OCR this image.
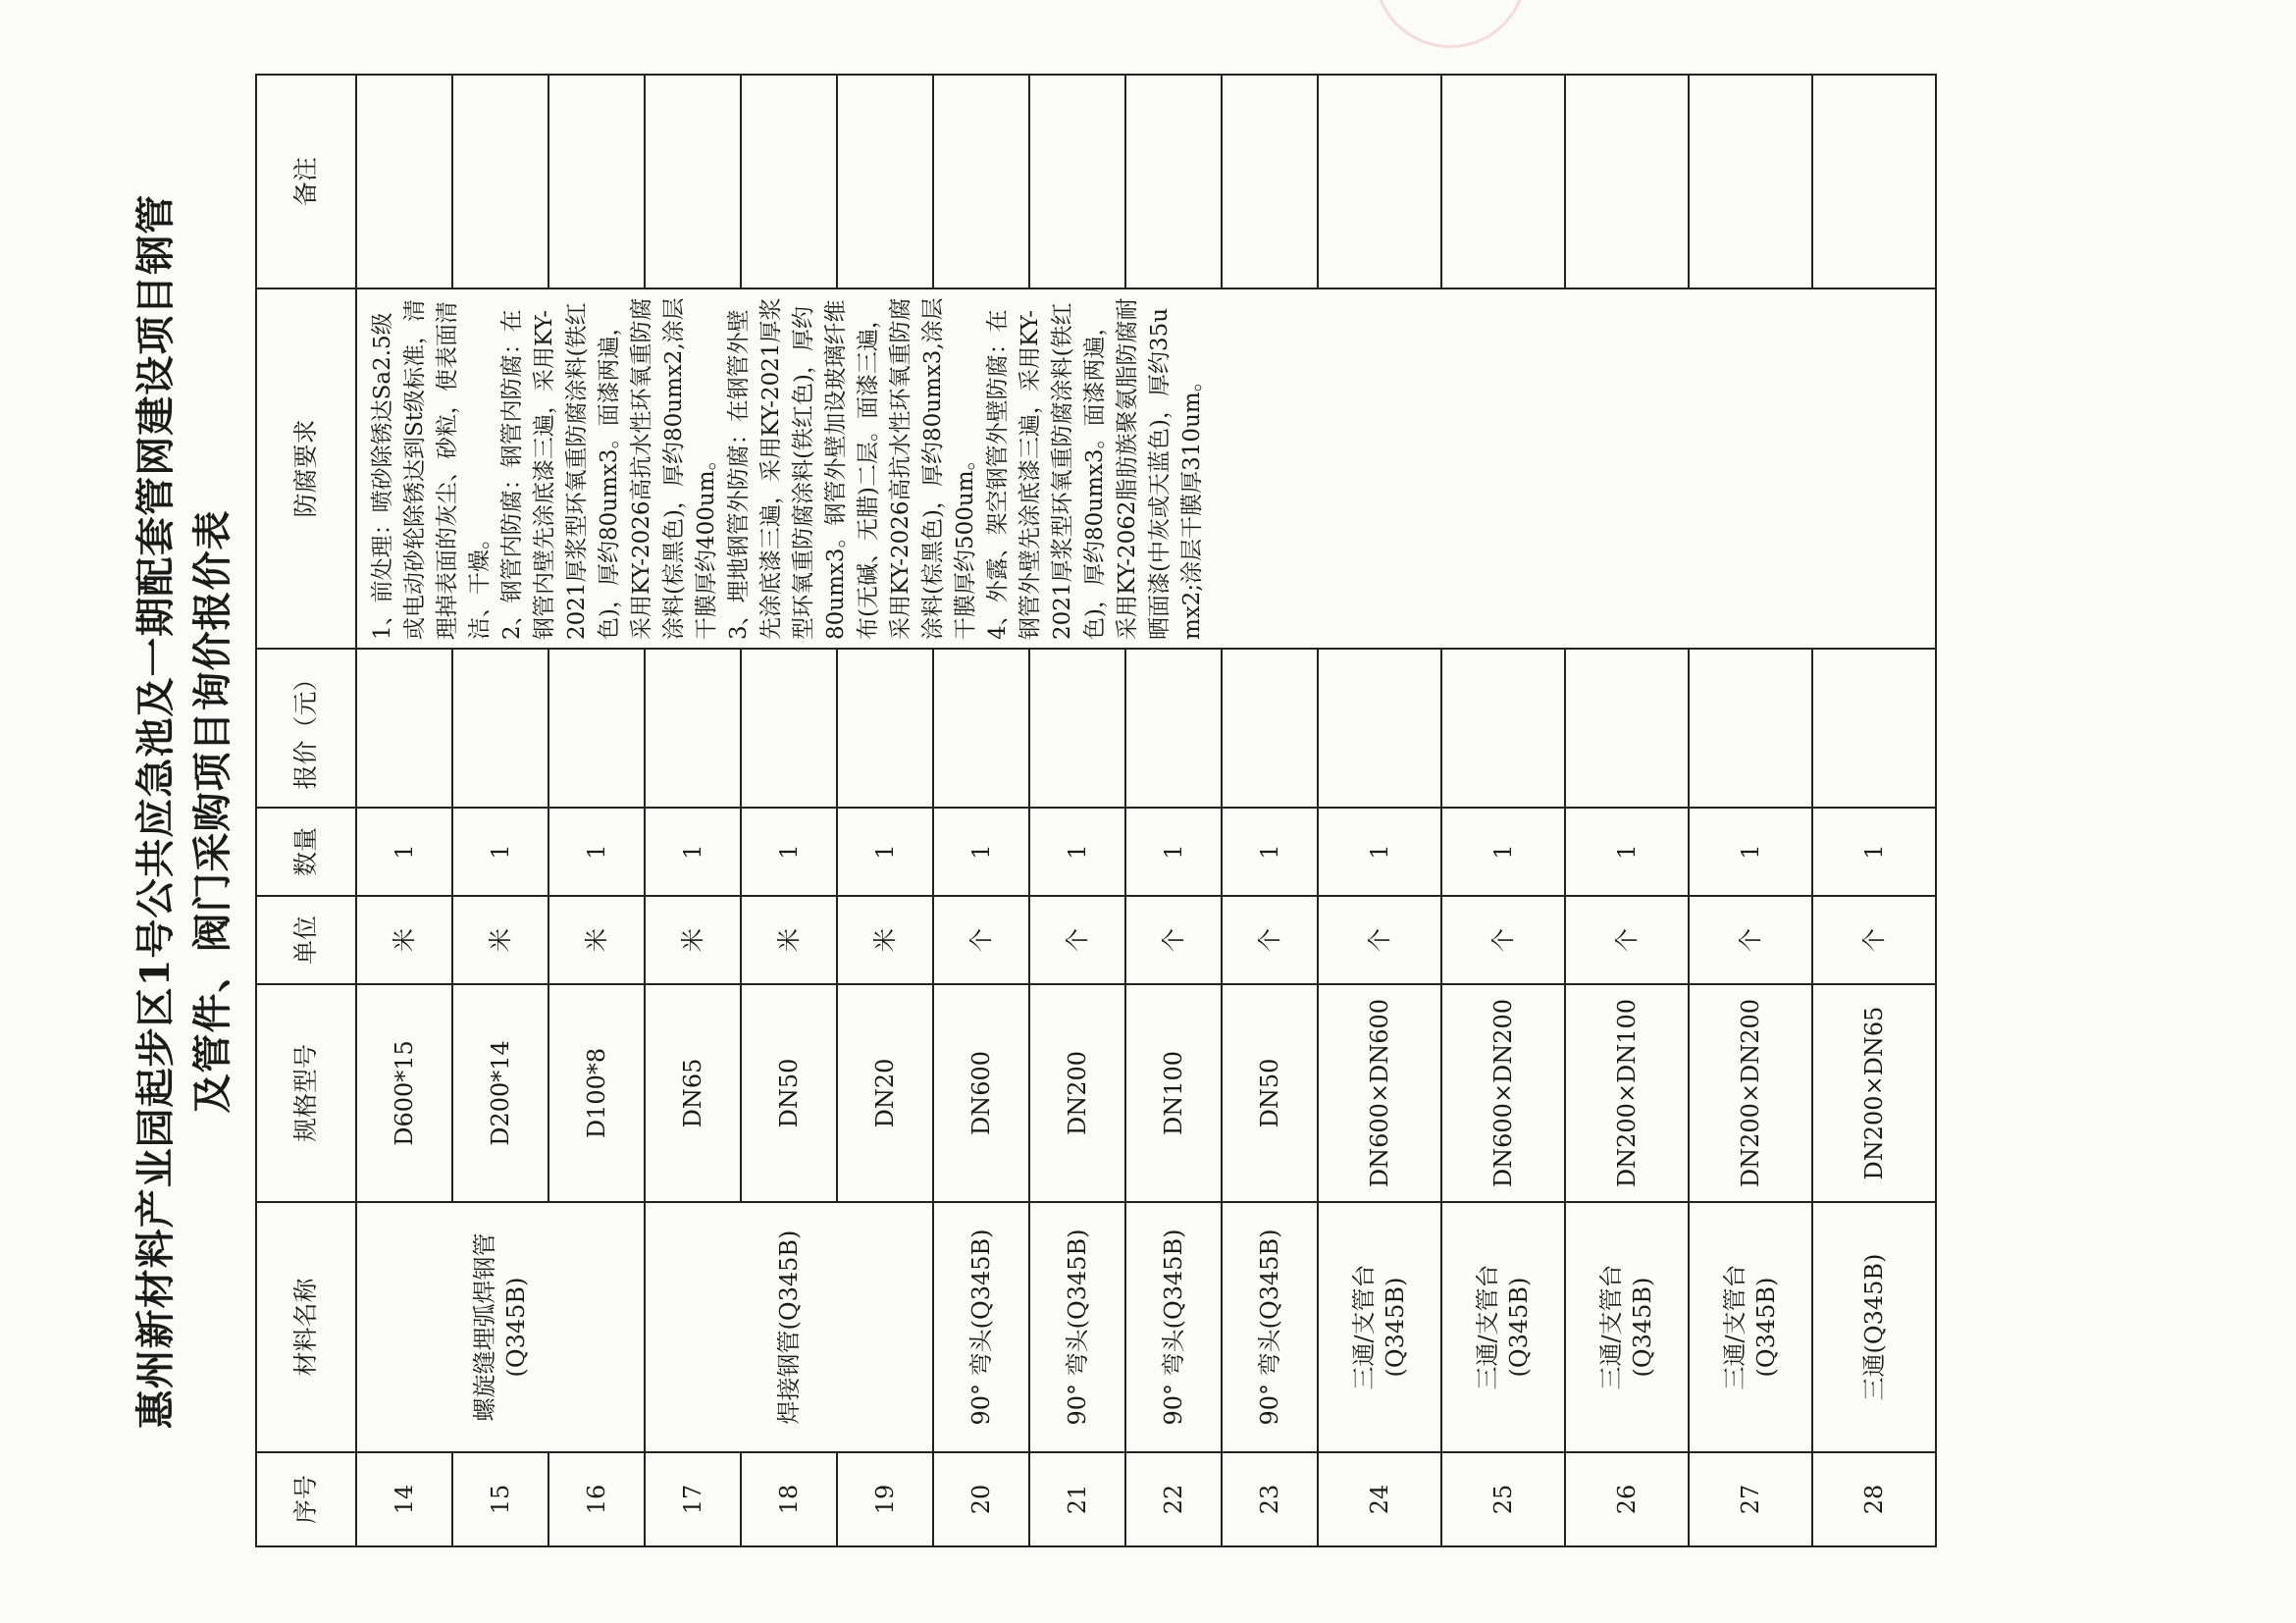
惠州新材料产业园起步区1号公共应急池及一期配套管网建设项目钢管 及管件、阀门采购项目询价报价表
序号	材料名称	规格型号	单位	数量	报价（元）	防腐要求	备注
14	螺旋缝埋弧焊钢管
(Q345B)	D600*15	米	1		1、前处理：喷砂除锈达Sa2.5级或电动砂轮除锈达到St级标准，清理掉表面的灰尘、砂粒，使表面清洁、干燥。
2、钢管内防腐：钢管内防腐：在钢管内壁先涂底漆三遍，采用KY-2021厚浆型环氧重防腐涂料(铁红色)，厚约80umx3。面漆两遍，采用KY-2026高抗水性环氧重防腐涂料(棕黑色)，厚约80umx2,涂层干膜厚约400um。
3、埋地钢管外防腐：在钢管外壁先涂底漆三遍，采用KY-2021厚浆型环氧重防腐涂料(铁红色)，厚约80umx3。钢管外壁加设玻璃纤维布(无碱、无腊)二层。面漆三遍，采用KY-2026高抗水性环氧重防腐涂料(棕黑色)，厚约80umx3,涂层干膜厚约500um。
4、外露、架空钢管外壁防腐：在钢管外壁先涂底漆三遍，采用KY-2021厚浆型环氧重防腐涂料(铁红色)，厚约80umx3。面漆两遍，采用KY-2062脂肪族聚氨脂防腐耐晒面漆(中灰或天蓝色)，厚约35umx2;涂层干膜厚310um。	
15		D200*14	米	1			
16		D100*8	米	1			
17	焊接钢管(Q345B)	DN65	米	1			
18		DN50	米	1			
19		DN20	米	1			
20	90° 弯头(Q345B)	DN600	个	1			
21	90° 弯头(Q345B)	DN200	个	1			
22	90° 弯头(Q345B)	DN100	个	1			
23	90° 弯头(Q345B)	DN50	个	1			
24	三通/支管台
(Q345B)	DN600×DN600	个	1			
25	三通/支管台
(Q345B)	DN600×DN200	个	1			
26	三通/支管台
(Q345B)	DN200×DN100	个	1			
27	三通/支管台
(Q345B)	DN200×DN200	个	1			
28	三通(Q345B)	DN200×DN65	个	1			
